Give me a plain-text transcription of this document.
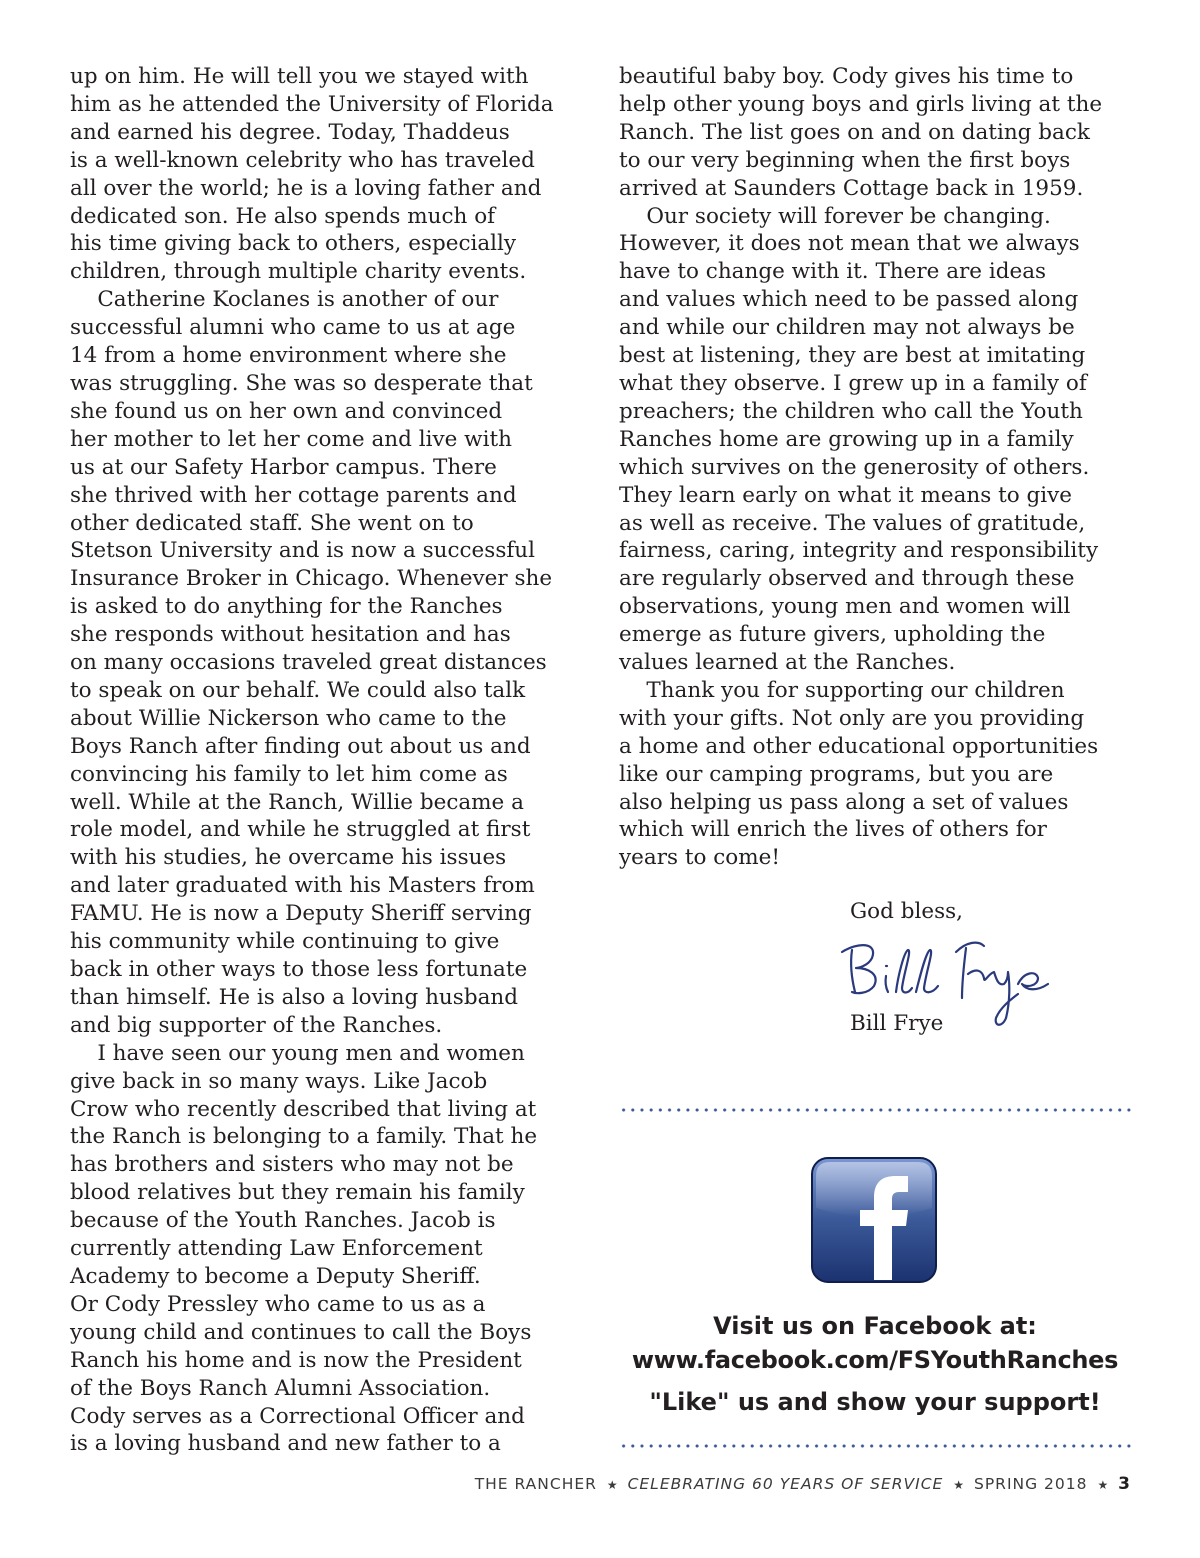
up on him. He will tell you we stayed with
him as he attended the University of Florida
and earned his degree. Today, Thaddeus
is a well-known celebrity who has traveled
all over the world; he is a loving father and
dedicated son. He also spends much of
his time giving back to others, especially
children, through multiple charity events.
Catherine Koclanes is another of our
successful alumni who came to us at age
14 from a home environment where she
was struggling. She was so desperate that
she found us on her own and convinced
her mother to let her come and live with
us at our Safety Harbor campus. There
she thrived with her cottage parents and
other dedicated staff. She went on to
Stetson University and is now a successful
Insurance Broker in Chicago. Whenever she
is asked to do anything for the Ranches
she responds without hesitation and has
on many occasions traveled great distances
to speak on our behalf. We could also talk
about Willie Nickerson who came to the
Boys Ranch after finding out about us and
convincing his family to let him come as
well. While at the Ranch, Willie became a
role model, and while he struggled at first
with his studies, he overcame his issues
and later graduated with his Masters from
FAMU. He is now a Deputy Sheriff serving
his community while continuing to give
back in other ways to those less fortunate
than himself. He is also a loving husband
and big supporter of the Ranches.
I have seen our young men and women
give back in so many ways. Like Jacob
Crow who recently described that living at
the Ranch is belonging to a family. That he
has brothers and sisters who may not be
blood relatives but they remain his family
because of the Youth Ranches. Jacob is
currently attending Law Enforcement
Academy to become a Deputy Sheriff.
Or Cody Pressley who came to us as a
young child and continues to call the Boys
Ranch his home and is now the President
of the Boys Ranch Alumni Association.
Cody serves as a Correctional Officer and
is a loving husband and new father to a
beautiful baby boy. Cody gives his time to
help other young boys and girls living at the
Ranch. The list goes on and on dating back
to our very beginning when the first boys
arrived at Saunders Cottage back in 1959.
Our society will forever be changing.
However, it does not mean that we always
have to change with it. There are ideas
and values which need to be passed along
and while our children may not always be
best at listening, they are best at imitating
what they observe. I grew up in a family of
preachers; the children who call the Youth
Ranches home are growing up in a family
which survives on the generosity of others.
They learn early on what it means to give
as well as receive. The values of gratitude,
fairness, caring, integrity and responsibility
are regularly observed and through these
observations, young men and women will
emerge as future givers, upholding the
values learned at the Ranches.
Thank you for supporting our children
with your gifts. Not only are you providing
a home and other educational opportunities
like our camping programs, but you are
also helping us pass along a set of values
which will enrich the lives of others for
years to come!
God bless,
Bill Frye
Visit us on Facebook at:
www.facebook.com/FSYouthRanches
"Like" us and show your support!
THE RANCHER ★ CELEBRATING 60 YEARS OF SERVICE ★ SPRING 2018 ★ 3
